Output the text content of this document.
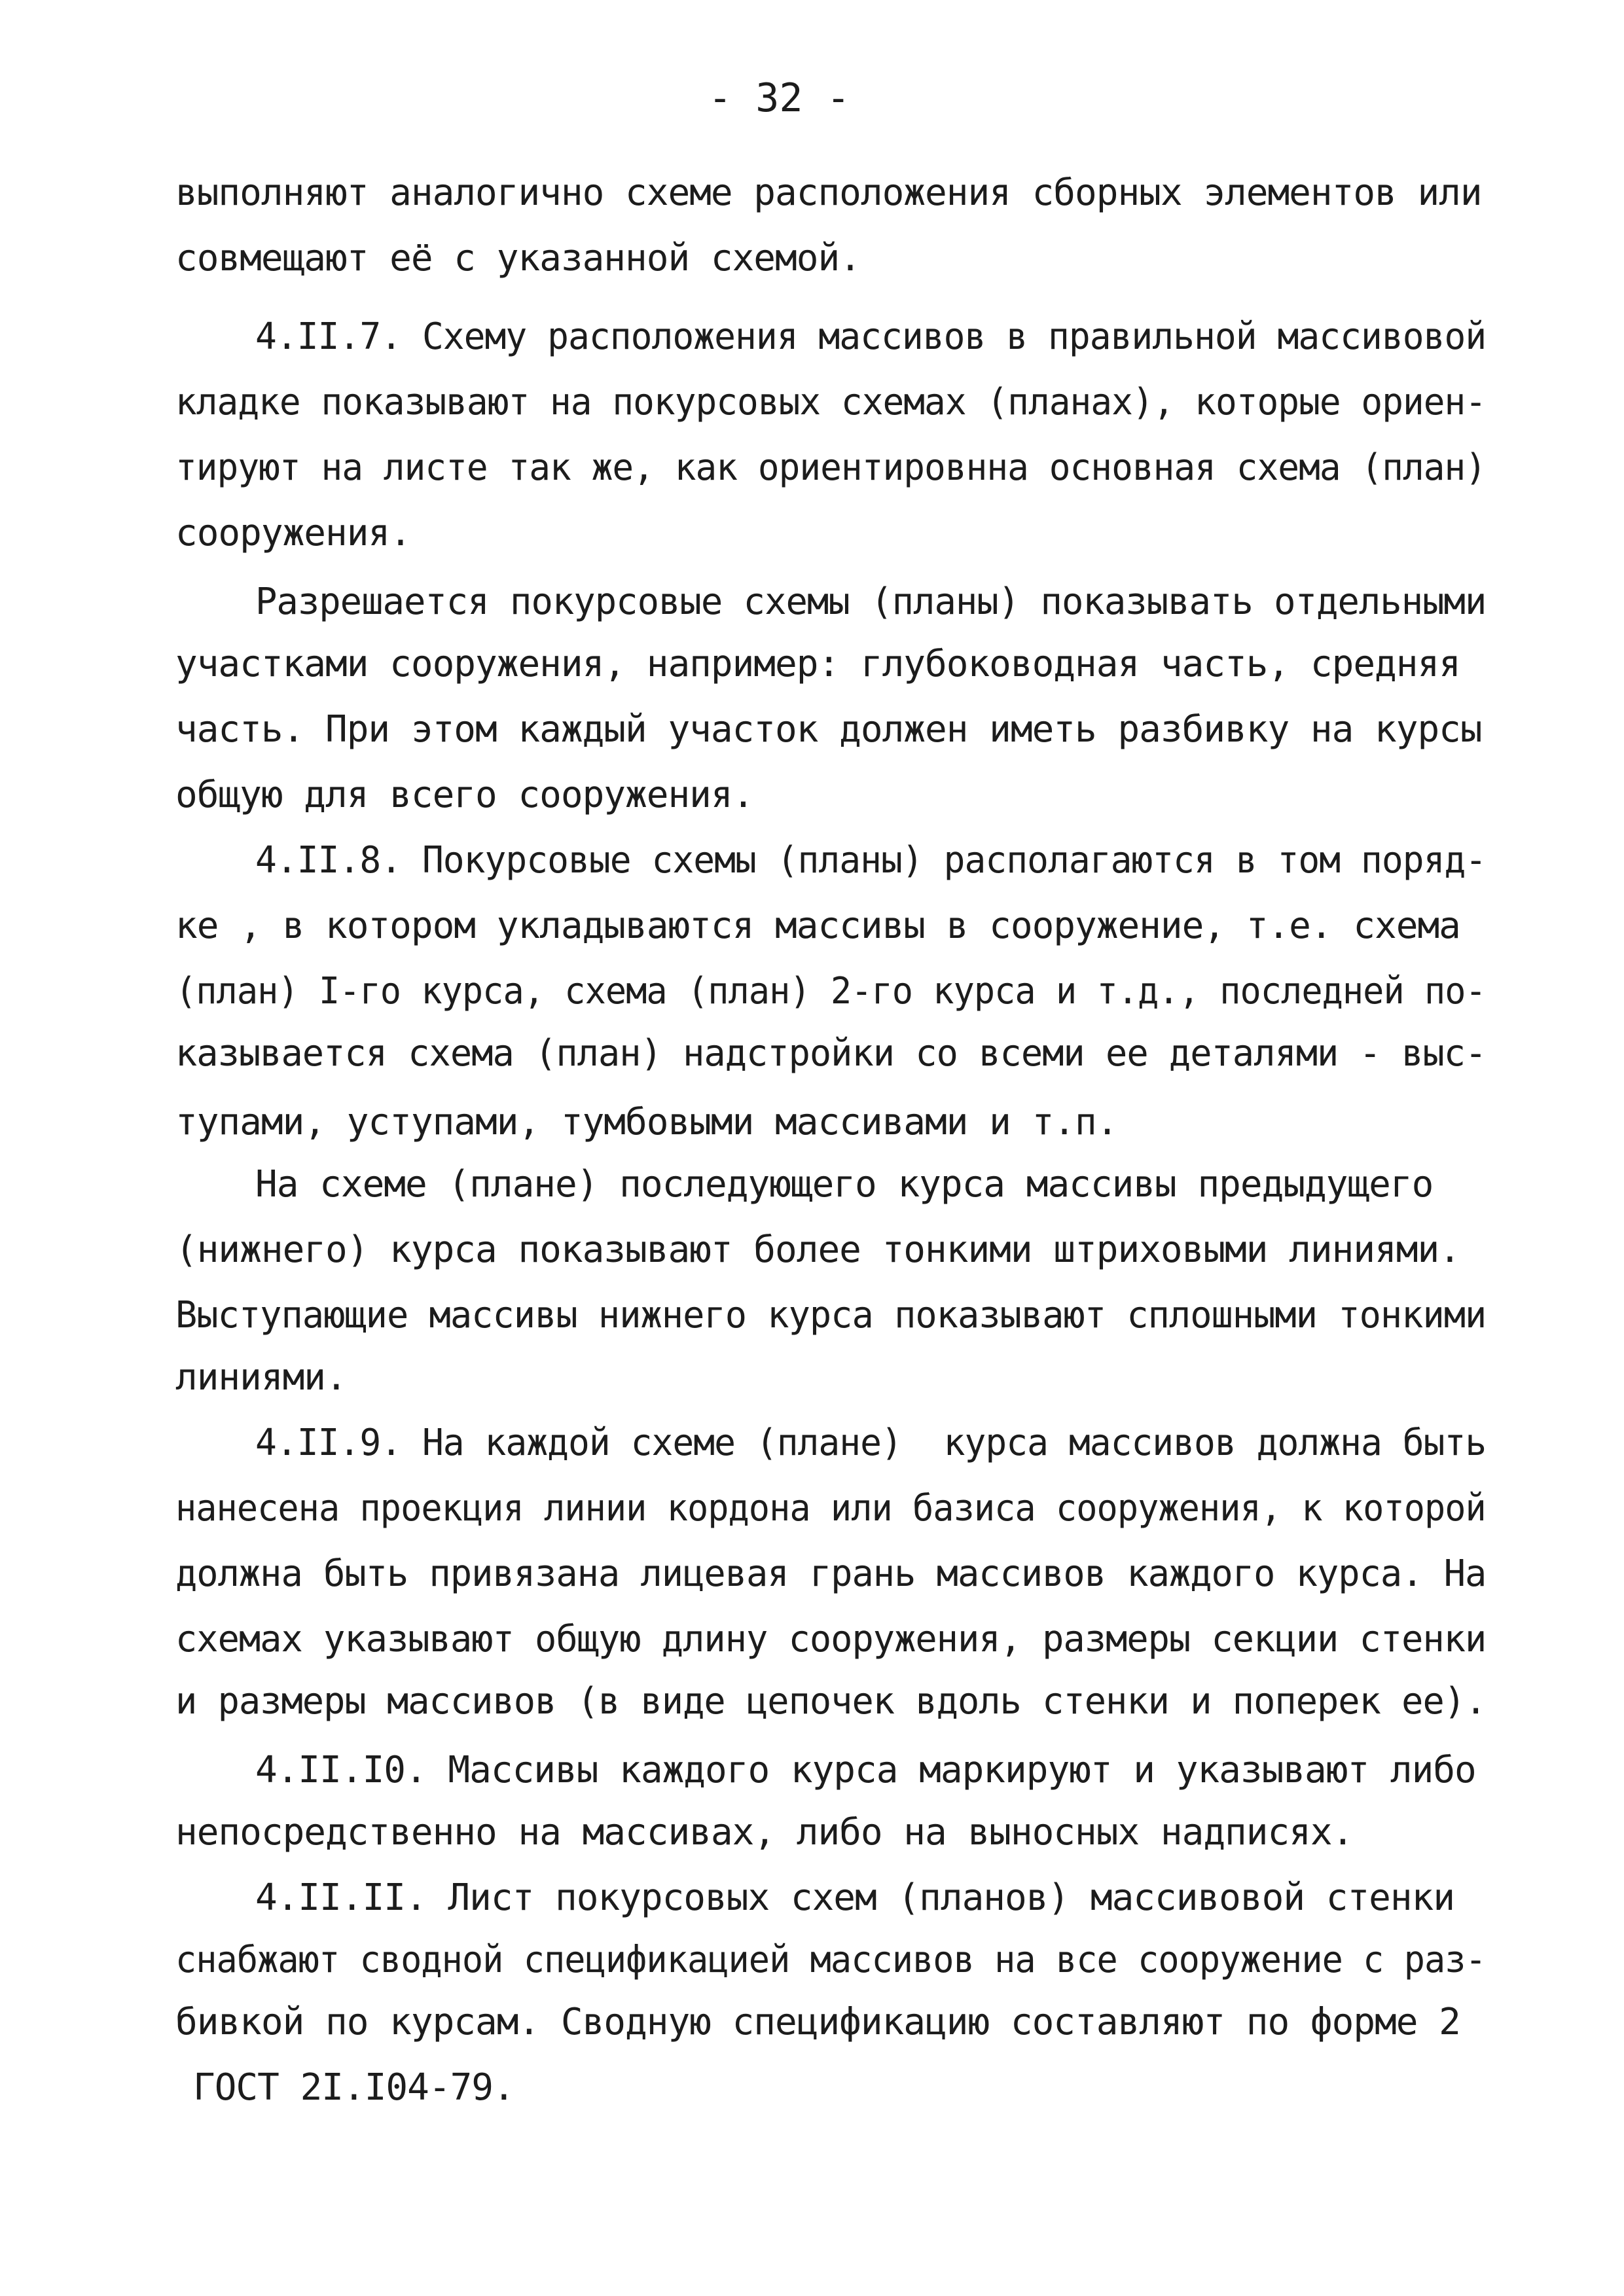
- 32 -
выполняют аналогично схеме расположения сборных элементов или
совмещают её с указанной схемой.
4.II.7. Схему расположения массивов в правильной массивовой
кладке показывают на покурсовых схемах (планах), которые ориен-
тируют на листе так же, как ориентировнна основная схема (план)
сооружения.
Разрешается покурсовые схемы (планы) показывать отдельными
участками сооружения, например: глубоководная часть, средняя
часть. При этом каждый участок должен иметь разбивку на курсы
общую для всего сооружения.
4.II.8. Покурсовые схемы (планы) располагаются в том поряд-
ке , в котором укладываются массивы в сооружение, т.е. схема
(план) I-го курса, схема (план) 2-го курса и т.д., последней по-
казывается схема (план) надстройки со всеми ее деталями - выс-
тупами, уступами, тумбовыми массивами и т.п.
На схеме (плане) последующего курса массивы предыдущего
(нижнего) курса показывают более тонкими штриховыми линиями.
Выступающие массивы нижнего курса показывают сплошными тонкими
линиями.
4.II.9. На каждой схеме (плане)  курса массивов должна быть
нанесена проекция линии кордона или базиса сооружения, к которой
должна быть привязана лицевая грань массивов каждого курса. На
схемах указывают общую длину сооружения, размеры секции стенки
и размеры массивов (в виде цепочек вдоль стенки и поперек ее).
4.II.I0. Массивы каждого курса маркируют и указывают либо
непосредственно на массивах, либо на выносных надписях.
4.II.II. Лист покурсовых схем (планов) массивовой стенки
снабжают сводной спецификацией массивов на все сооружение с раз-
бивкой по курсам. Сводную спецификацию составляют по форме 2
ГОСТ 2I.I04-79.
